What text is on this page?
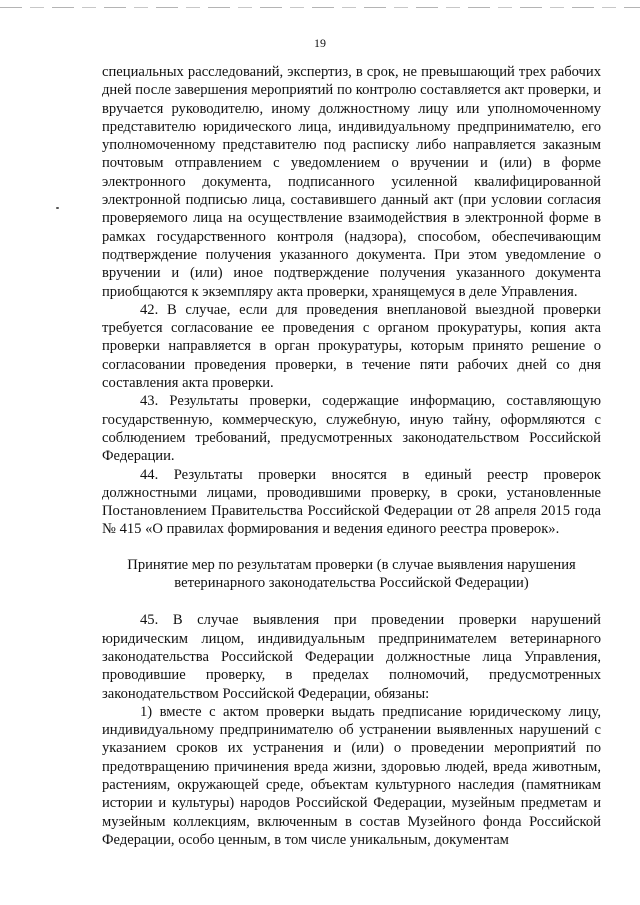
19

специальных расследований, экспертиз, в срок, не превышающий трех рабочих дней после завершения мероприятий по контролю составляется акт проверки, и вручается руководителю, иному должностному лицу или уполномоченному представителю юридического лица, индивидуальному предпринимателю, его уполномоченному представителю под расписку либо направляется заказным почтовым отправлением с уведомлением о вручении и (или) в форме электронного документа, подписанного усиленной квалифицированной электронной подписью лица, составившего данный акт (при условии согласия проверяемого лица на осуществление взаимодействия в электронной форме в рамках государственного контроля (надзора), способом, обеспечивающим подтверждение получения указанного документа. При этом уведомление о вручении и (или) иное подтверждение получения указанного документа приобщаются к экземпляру акта проверки, хранящемуся в деле Управления.

42. В случае, если для проведения внеплановой выездной проверки требуется согласование ее проведения с органом прокуратуры, копия акта проверки направляется в орган прокуратуры, которым принято решение о согласовании проведения проверки, в течение пяти рабочих дней со дня составления акта проверки.

43. Результаты проверки, содержащие информацию, составляющую государственную, коммерческую, служебную, иную тайну, оформляются с соблюдением требований, предусмотренных законодательством Российской Федерации.

44. Результаты проверки вносятся в единый реестр проверок должностными лицами, проводившими проверку, в сроки, установленные Постановлением Правительства Российской Федерации от 28 апреля 2015 года № 415 «О правилах формирования и ведения единого реестра проверок».

Принятие мер по результатам проверки (в случае выявления нарушения ветеринарного законодательства Российской Федерации)

45. В случае выявления при проведении проверки нарушений юридическим лицом, индивидуальным предпринимателем ветеринарного законодательства Российской Федерации должностные лица Управления, проводившие проверку, в пределах полномочий, предусмотренных законодательством Российской Федерации, обязаны:

1) вместе с актом проверки выдать предписание юридическому лицу, индивидуальному предпринимателю об устранении выявленных нарушений с указанием сроков их устранения и (или) о проведении мероприятий по предотвращению причинения вреда жизни, здоровью людей, вреда животным, растениям, окружающей среде, объектам культурного наследия (памятникам истории и культуры) народов Российской Федерации, музейным предметам и музейным коллекциям, включенным в состав Музейного фонда Российской Федерации, особо ценным, в том числе уникальным, документам
